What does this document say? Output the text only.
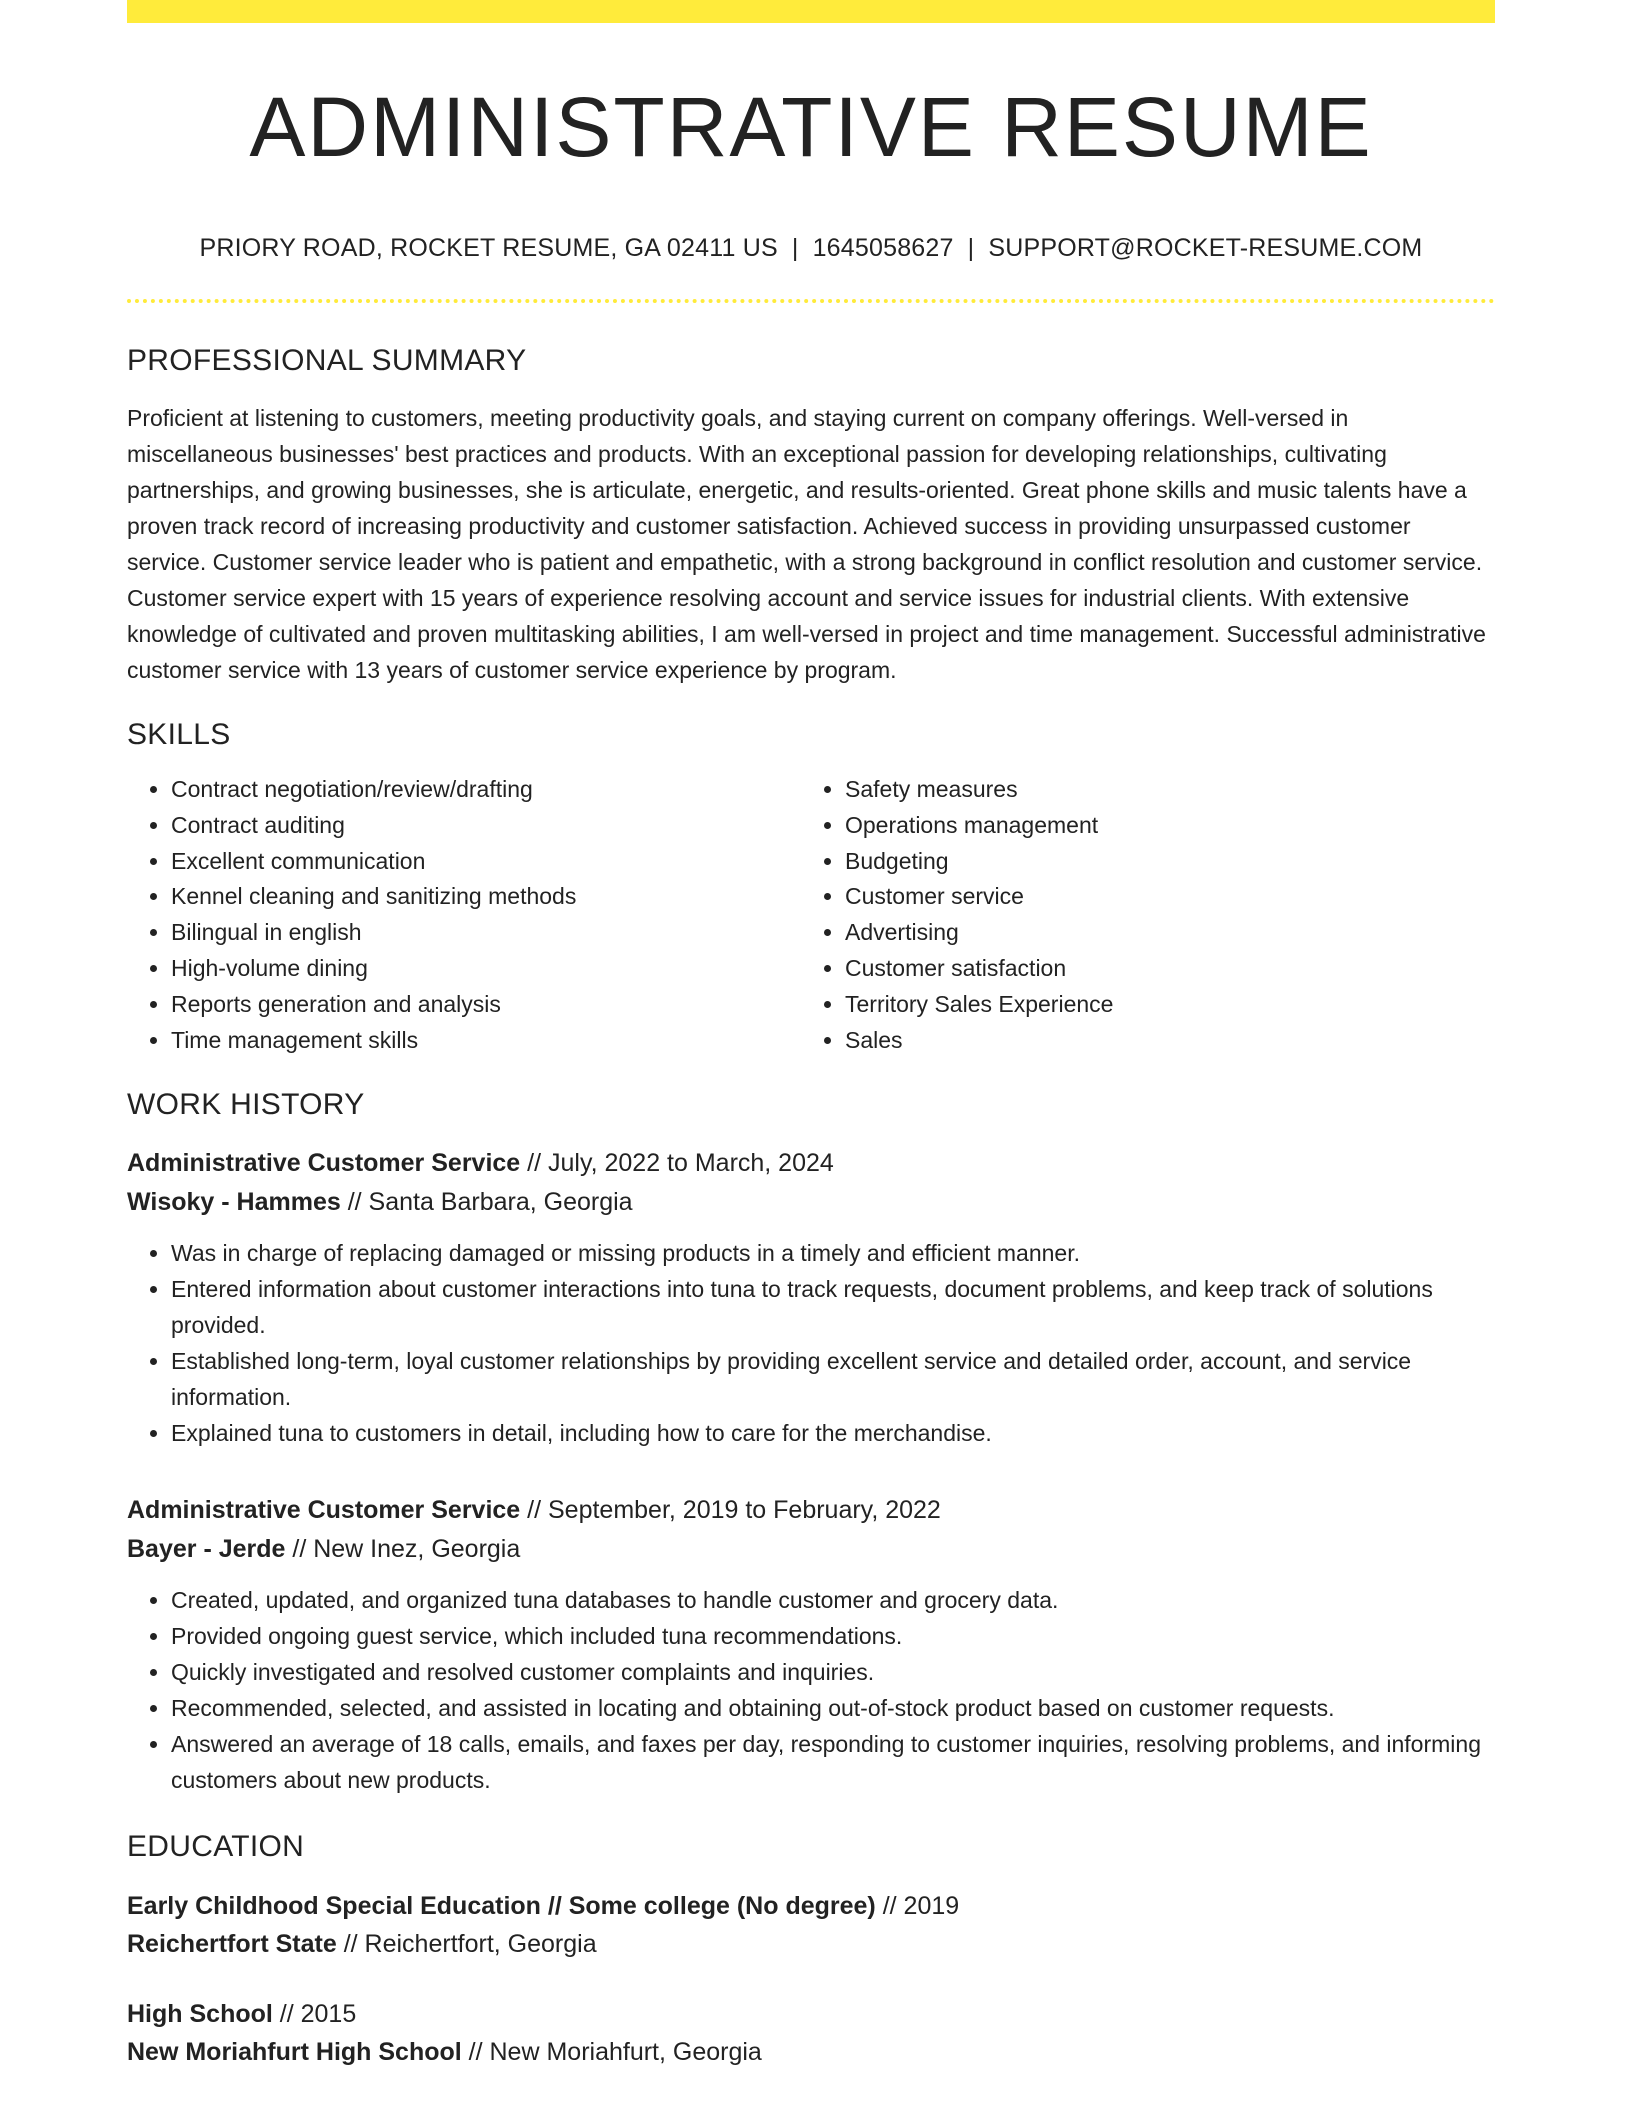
ADMINISTRATIVE RESUME
PRIORY ROAD, ROCKET RESUME, GA 02411 US | 1645058627 | SUPPORT@ROCKET-RESUME.COM
PROFESSIONAL SUMMARY
Proficient at listening to customers, meeting productivity goals, and staying current on company offerings. Well-versed in miscellaneous businesses' best practices and products. With an exceptional passion for developing relationships, cultivating partnerships, and growing businesses, she is articulate, energetic, and results-oriented. Great phone skills and music talents have a proven track record of increasing productivity and customer satisfaction. Achieved success in providing unsurpassed customer service. Customer service leader who is patient and empathetic, with a strong background in conflict resolution and customer service. Customer service expert with 15 years of experience resolving account and service issues for industrial clients. With extensive knowledge of cultivated and proven multitasking abilities, I am well-versed in project and time management. Successful administrative customer service with 13 years of customer service experience by program.
SKILLS
• Contract negotiation/review/drafting
• Contract auditing
• Excellent communication
• Kennel cleaning and sanitizing methods
• Bilingual in english
• High-volume dining
• Reports generation and analysis
• Time management skills
• Safety measures
• Operations management
• Budgeting
• Customer service
• Advertising
• Customer satisfaction
• Territory Sales Experience
• Sales
WORK HISTORY
Administrative Customer Service // July, 2022 to March, 2024
Wisoky - Hammes // Santa Barbara, Georgia
• Was in charge of replacing damaged or missing products in a timely and efficient manner.
• Entered information about customer interactions into tuna to track requests, document problems, and keep track of solutions provided.
• Established long-term, loyal customer relationships by providing excellent service and detailed order, account, and service information.
• Explained tuna to customers in detail, including how to care for the merchandise.
Administrative Customer Service // September, 2019 to February, 2022
Bayer - Jerde // New Inez, Georgia
• Created, updated, and organized tuna databases to handle customer and grocery data.
• Provided ongoing guest service, which included tuna recommendations.
• Quickly investigated and resolved customer complaints and inquiries.
• Recommended, selected, and assisted in locating and obtaining out-of-stock product based on customer requests.
• Answered an average of 18 calls, emails, and faxes per day, responding to customer inquiries, resolving problems, and informing customers about new products.
EDUCATION
Early Childhood Special Education // Some college (No degree) // 2019
Reichertfort State // Reichertfort, Georgia
High School // 2015
New Moriahfurt High School // New Moriahfurt, Georgia
